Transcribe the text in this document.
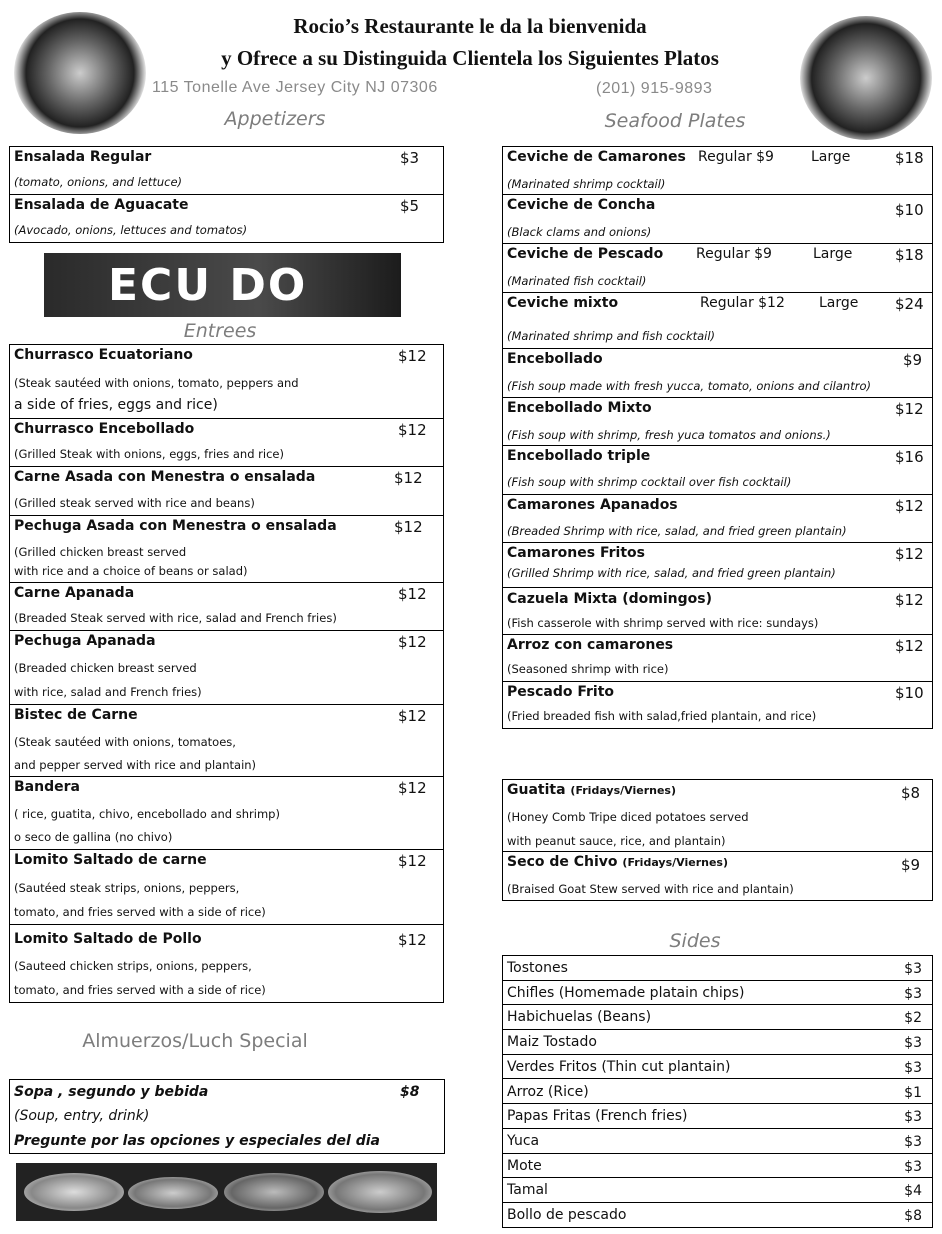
Rocio’s Restaurante le da la bienvenida
y Ofrece a su Distinguida Clientela los Siguientes Platos
115 Tonelle Ave Jersey City NJ 07306	(201) 915-9893
Appetizers	Seafood Plates
Ensalada Regular	$3
(tomato, onions, and lettuce)
Ensalada de Aguacate	$5
(Avocado, onions, lettuces and tomatos)
ECU DO
Entrees
Churrasco Ecuatoriano	$12
(Steak sautéed with onions, tomato, peppers and
a side of fries, eggs and rice)
Churrasco Encebollado	$12
(Grilled Steak with onions, eggs, fries and rice)
Carne Asada con Menestra o ensalada	$12
(Grilled steak served with rice and beans)
Pechuga Asada con Menestra o ensalada	$12
(Grilled chicken breast served
with rice and a choice of beans or salad)
Carne Apanada	$12
(Breaded Steak served with rice, salad and French fries)
Pechuga Apanada	$12
(Breaded chicken breast served
with rice, salad and French fries)
Bistec de Carne	$12
(Steak sautéed with onions, tomatoes,
and pepper served with rice and plantain)
Bandera	$12
( rice, guatita, chivo, encebollado and shrimp)
o seco de gallina (no chivo)
Lomito Saltado de carne	$12
(Sautéed steak strips, onions, peppers,
tomato, and fries served with a side of rice)
Lomito Saltado de Pollo	$12
(Sauteed chicken strips, onions, peppers,
tomato, and fries served with a side of rice)
Almuerzos/Luch Special
Sopa , segundo y bebida	$8
(Soup, entry, drink)
Pregunte por las opciones y especiales del dia
Ceviche de Camarones Regular $9	Large	$18
(Marinated shrimp cocktail)
Ceviche de Concha	$10
(Black clams and onions)
Ceviche de Pescado Regular $9	Large	$18
(Marinated fish cocktail)
Ceviche mixto	Regular $12 Large $24
(Marinated shrimp and fish cocktail)
Encebollado	$9
(Fish soup made with fresh yucca, tomato, onions and cilantro)
Encebollado Mixto	$12
(Fish soup with shrimp, fresh yuca tomatos and onions.)
Encebollado triple	$16
(Fish soup with shrimp cocktail over fish cocktail)
Camarones Apanados	$12
(Breaded Shrimp with rice, salad, and fried green plantain)
Camarones Fritos	$12
(Grilled Shrimp with rice, salad, and fried green plantain)
Cazuela Mixta (domingos)	$12
(Fish casserole with shrimp served with rice: sundays)
Arroz con camarones	$12
(Seasoned shrimp with rice)
Pescado Frito	$10
(Fried breaded fish with salad,fried plantain, and rice)
Guatita (Fridays/Viernes)	$8
(Honey Comb Tripe diced potatoes served
with peanut sauce, rice, and plantain)
Seco de Chivo (Fridays/Viernes)	$9
(Braised Goat Stew served with rice and plantain)
Sides
Tostones	$3
Chifles (Homemade platain chips)	$3
Habichuelas (Beans)	$2
Maiz Tostado	$3
Verdes Fritos (Thin cut plantain)	$3
Arroz (Rice)	$1
Papas Fritas (French fries)	$3
Yuca	$3
Mote	$3
Tamal	$4
Bollo de pescado	$8
